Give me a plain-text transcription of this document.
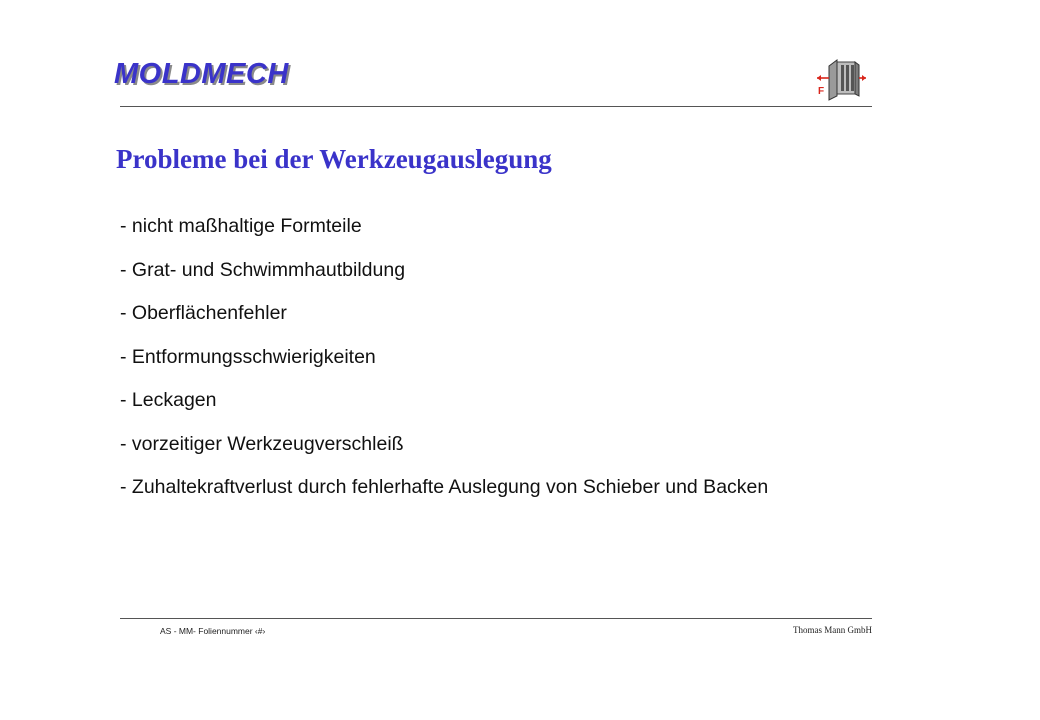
MOLDMECH
F
Probleme bei der Werkzeugauslegung
- nicht maßhaltige Formteile
- Grat- und Schwimmhautbildung
- Oberflächenfehler
- Entformungsschwierigkeiten
- Leckagen
- vorzeitiger Werkzeugverschleiß
- Zuhaltekraftverlust durch fehlerhafte Auslegung von Schieber und Backen
AS - MM- Foliennummer ‹#›	Thomas Mann GmbH
